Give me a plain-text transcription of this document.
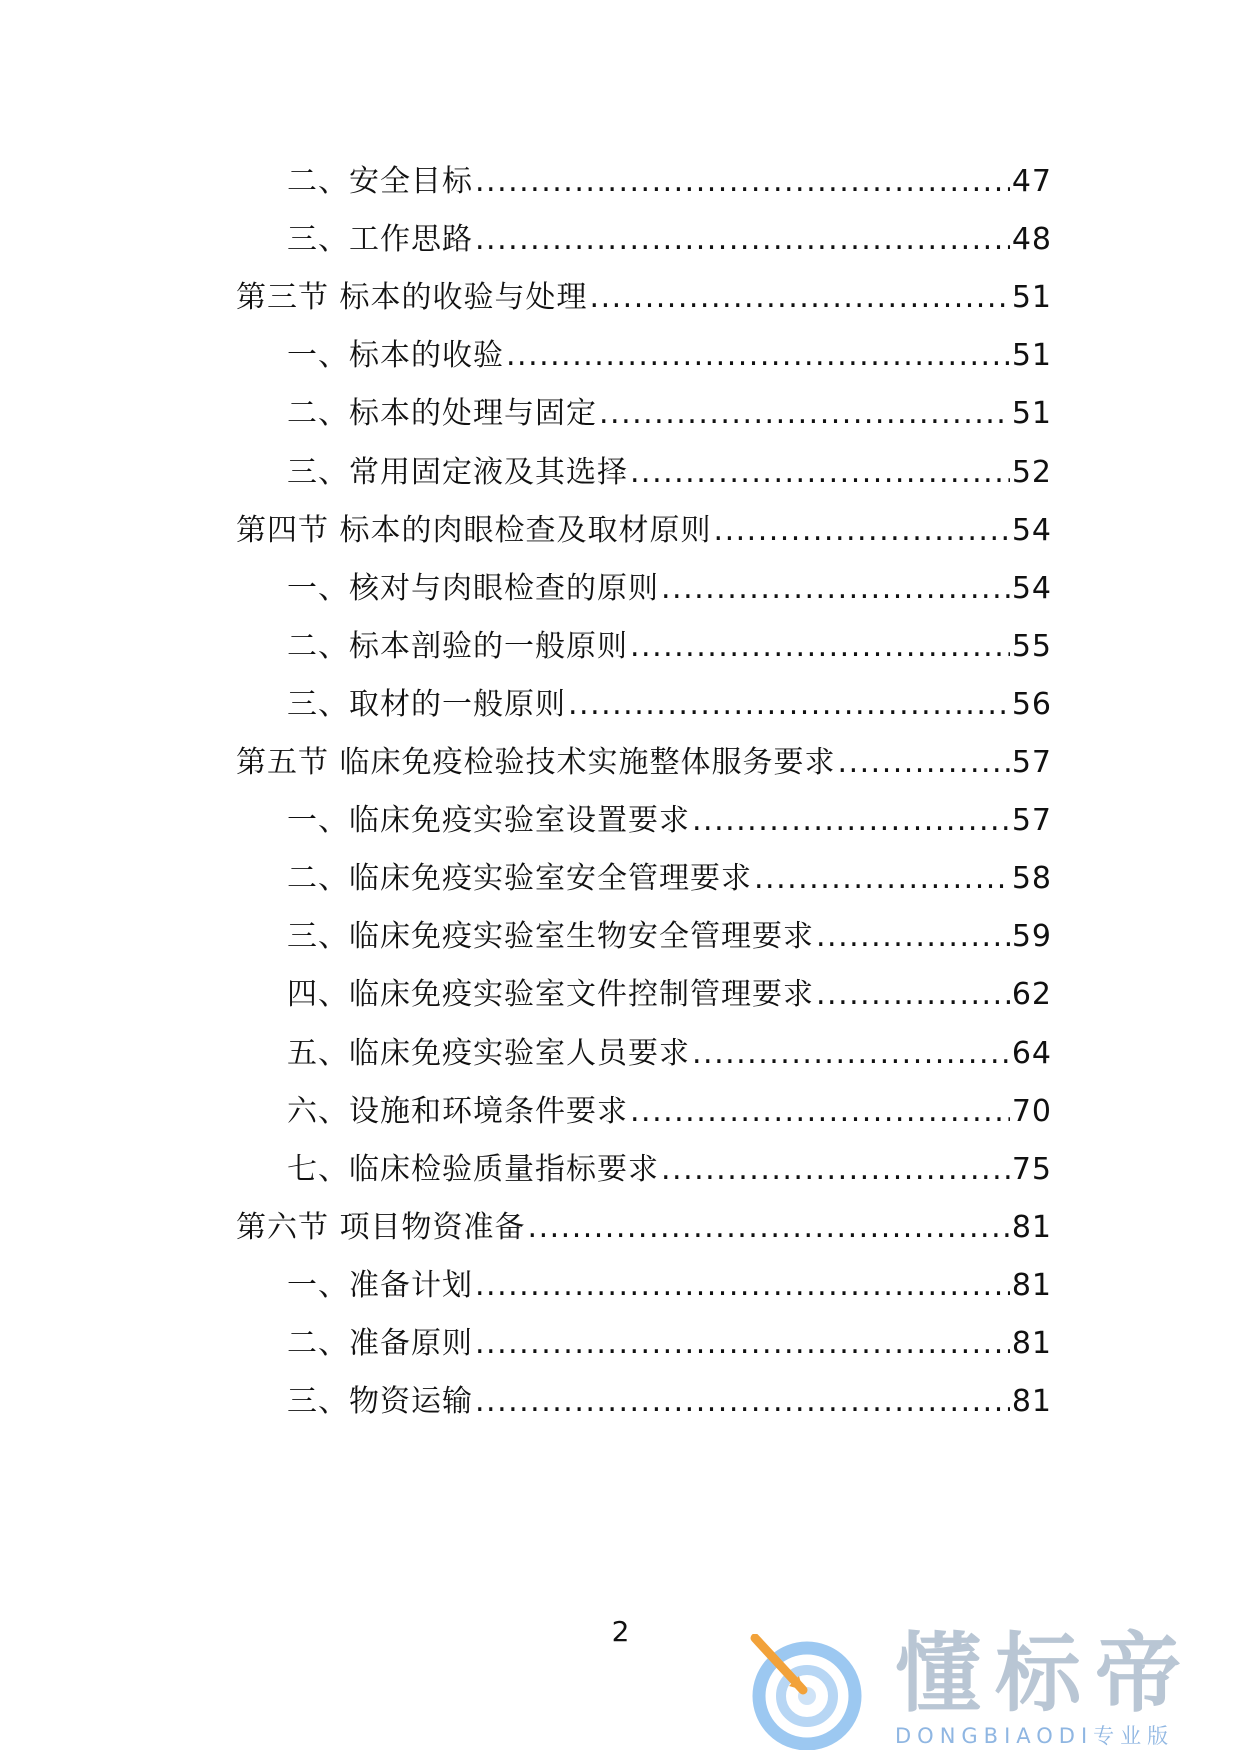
二、安全目标 .....	47
三、工作思路 .....	48
第三节 标本的收验与处理 .....	51
一、标本的收验 .....	51
二、标本的处理与固定 .....	51
三、常用固定液及其选择 .....	52
第四节 标本的肉眼检查及取材原则 .....	54
一、核对与肉眼检查的原则 .....	54
二、标本剖验的一般原则 .....	55
三、取材的一般原则 .....	56
第五节 临床免疫检验技术实施整体服务要求 .....	57
一、临床免疫实验室设置要求 .....	57
二、临床免疫实验室安全管理要求 .....	58
三、临床免疫实验室生物安全管理要求 .....	59
四、临床免疫实验室文件控制管理要求 .....	62
五、临床免疫实验室人员要求 .....	64
六、设施和环境条件要求 .....	70
七、临床检验质量指标要求 .....	75
第六节 项目物资准备 .....	81
一、准备计划 .....	81
二、准备原则 .....	81
三、物资运输 .....	81
2	懂标帝
DONGBIAODI专业版
